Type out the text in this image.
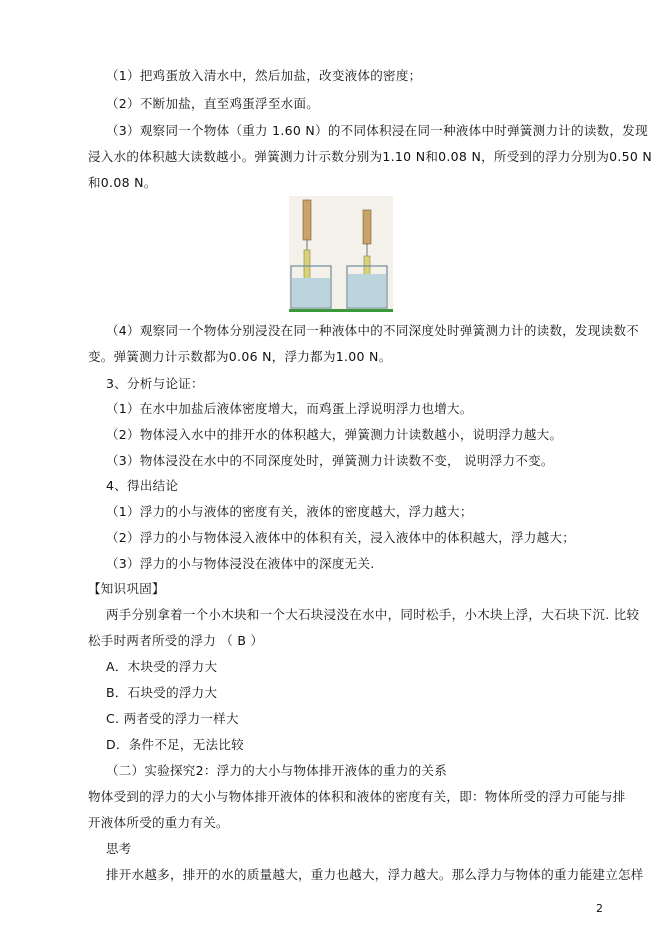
（1）把鸡蛋放入清水中，然后加盐，改变液体的密度；
（2）不断加盐，直至鸡蛋浮至水面。
（3）观察同一个物体（重力 1.60 N）的不同体积浸在同一种液体中时弹簧测力计的读数，发现
浸入水的体积越大读数越小。弹簧测力计示数分别为1.10 N和0.08 N，所受到的浮力分别为0.50 N
和0.08 N。
（4）观察同一个物体分别浸没在同一种液体中的不同深度处时弹簧测力计的读数，发现读数不
变。弹簧测力计示数都为0.06 N，浮力都为1.00 N。
3、分析与论证：
（1）在水中加盐后液体密度增大，而鸡蛋上浮说明浮力也增大。
（2）物体浸入水中的排开水的体积越大，弹簧测力计读数越小，说明浮力越大。
（3）物体浸没在水中的不同深度处时，弹簧测力计读数不变， 说明浮力不变。
4、得出结论
（1）浮力的小与液体的密度有关，液体的密度越大，浮力越大；
（2）浮力的小与物体浸入液体中的体积有关，浸入液体中的体积越大，浮力越大；
（3）浮力的小与物体浸没在液体中的深度无关.
【知识巩固】
两手分别拿着一个小木块和一个大石块浸没在水中，同时松手，小木块上浮，大石块下沉. 比较
松手时两者所受的浮力 （ B ）
A．木块受的浮力大
B．石块受的浮力大
C. 两者受的浮力一样大
D．条件不足，无法比较
（二）实验探究2：浮力的大小与物体排开液体的重力的关系
物体受到的浮力的大小与物体排开液体的体积和液体的密度有关，即：物体所受的浮力可能与排
开液体所受的重力有关。
思考
排开水越多，排开的水的质量越大，重力也越大，浮力越大。那么浮力与物体的重力能建立怎样
2
